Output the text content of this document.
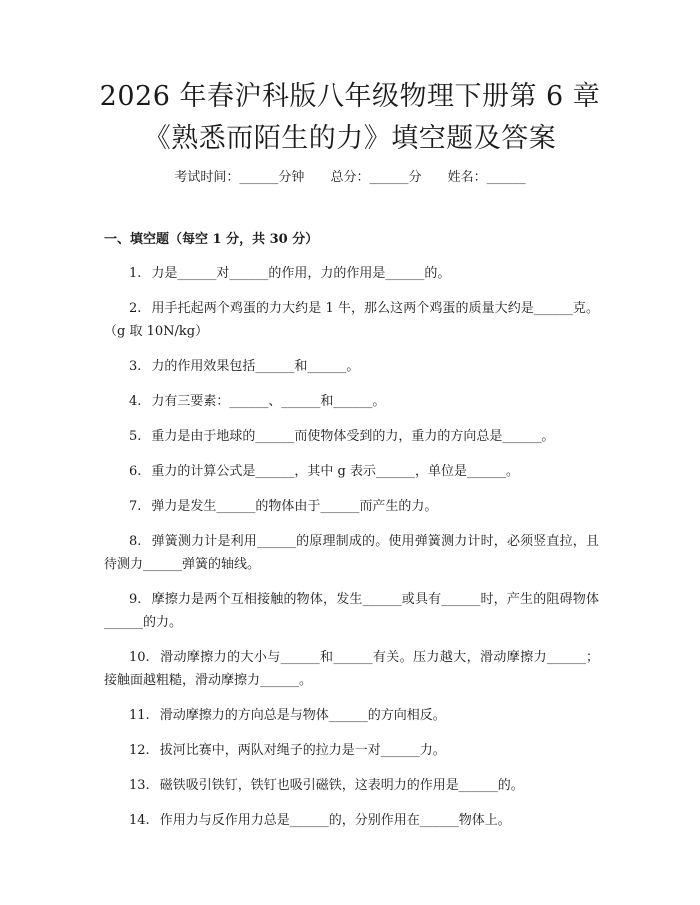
2026 年春沪科版八年级物理下册第 6 章《熟悉而陌生的力》填空题及答案
考试时间：______分钟 总分：______分 姓名：______
一、填空题（每空 1 分，共 30 分）
1. 力是______对______的作用，力的作用是______的。
2. 用手托起两个鸡蛋的力大约是 1 牛，那么这两个鸡蛋的质量大约是______克。（g 取 10N/kg）
3. 力的作用效果包括______和______。
4. 力有三要素：______、______和______。
5. 重力是由于地球的______而使物体受到的力，重力的方向总是______。
6. 重力的计算公式是______，其中 g 表示______，单位是______。
7. 弹力是发生______的物体由于______而产生的力。
8. 弹簧测力计是利用______的原理制成的。使用弹簧测力计时，必须竖直拉，且待测力______弹簧的轴线。
9. 摩擦力是两个互相接触的物体，发生______或具有______时，产生的阻碍物体______的力。
10. 滑动摩擦力的大小与______和______有关。压力越大，滑动摩擦力______；接触面越粗糙，滑动摩擦力______。
11. 滑动摩擦力的方向总是与物体______的方向相反。
12. 拔河比赛中，两队对绳子的拉力是一对______力。
13. 磁铁吸引铁钉，铁钉也吸引磁铁，这表明力的作用是______的。
14. 作用力与反作用力总是______的，分别作用在______物体上。
